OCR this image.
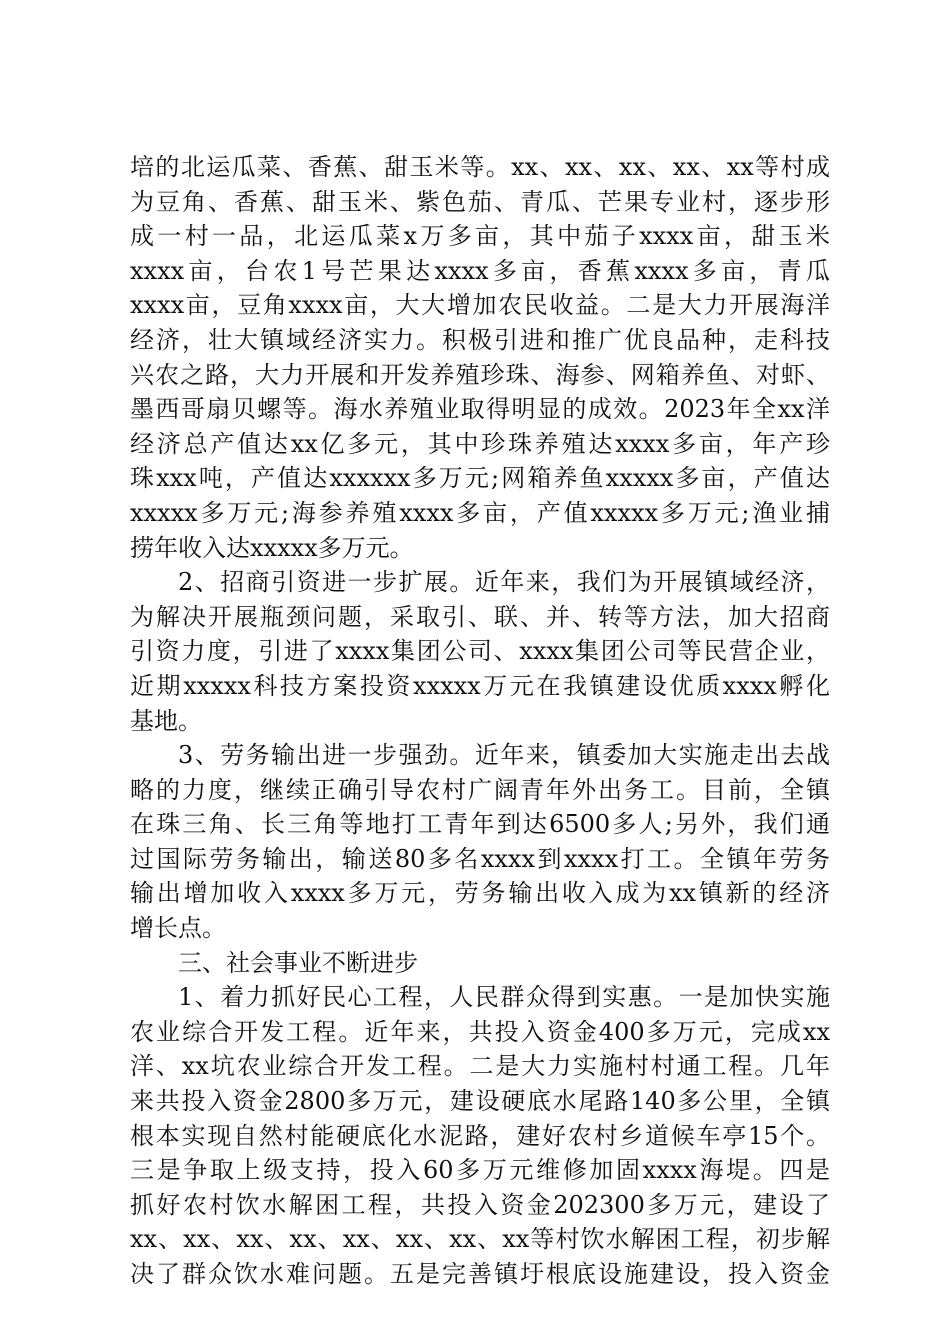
培的北运瓜菜、香蕉、甜玉米等。xx、xx、xx、xx、xx等村成
为豆角、香蕉、甜玉米、紫色茄、青瓜、芒果专业村，逐步形
成一村一品，北运瓜菜x万多亩，其中茄子xxxx亩，甜玉米
xxxx亩，台农1号芒果达xxxx多亩，香蕉xxxx多亩，青瓜
xxxx亩，豆角xxxx亩，大大增加农民收益。二是大力开展海洋
经济，壮大镇域经济实力。积极引进和推广优良品种，走科技
兴农之路，大力开展和开发养殖珍珠、海参、网箱养鱼、对虾、
墨西哥扇贝螺等。海水养殖业取得明显的成效。2023年全xx洋
经济总产值达xx亿多元，其中珍珠养殖达xxxx多亩，年产珍
珠xxx吨，产值达xxxxxx多万元;网箱养鱼xxxxx多亩，产值达
xxxxx多万元;海参养殖xxxx多亩，产值xxxxx多万元;渔业捕
捞年收入达xxxxx多万元。
2、招商引资进一步扩展。近年来，我们为开展镇域经济，
为解决开展瓶颈问题，采取引、联、并、转等方法，加大招商
引资力度，引进了xxxx集团公司、xxxx集团公司等民营企业，
近期xxxxx科技方案投资xxxxx万元在我镇建设优质xxxx孵化
基地。
3、劳务输出进一步强劲。近年来，镇委加大实施走出去战
略的力度，继续正确引导农村广阔青年外出务工。目前，全镇
在珠三角、长三角等地打工青年到达6500多人;另外，我们通
过国际劳务输出，输送80多名xxxx到xxxx打工。全镇年劳务
输出增加收入xxxx多万元，劳务输出收入成为xx镇新的经济
增长点。
三、社会事业不断进步
1、着力抓好民心工程，人民群众得到实惠。一是加快实施
农业综合开发工程。近年来，共投入资金400多万元，完成xx
洋、xx坑农业综合开发工程。二是大力实施村村通工程。几年
来共投入资金2800多万元，建设硬底水尾路140多公里，全镇
根本实现自然村能硬底化水泥路，建好农村乡道候车亭15个。
三是争取上级支持，投入60多万元维修加固xxxx海堤。四是
抓好农村饮水解困工程，共投入资金202300多万元，建设了
xx、xx、xx、xx、xx、xx、xx、xx等村饮水解困工程，初步解
决了群众饮水难问题。五是完善镇圩根底设施建设，投入资金
